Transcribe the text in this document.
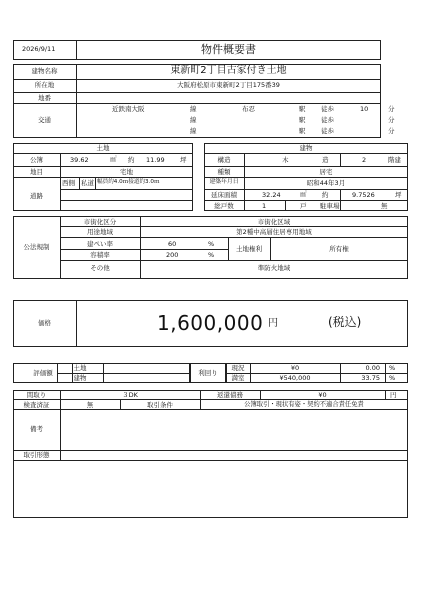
2026/9/11	物件概要書
建物名称	東新町2丁目古家付き土地
所在地	大阪府松原市東新町2丁目175番39
地番
交通
近鉄南大阪	線	布忍	駅 徒歩	10	分
線	駅 徒歩	分
線	駅 徒歩	分
土地
公簿	39.62	㎡ 約 11.99 坪
地目	宅地
道路
西側 私道 幅員約4.0ｍ接道約3.0ｍ
建物
構造	木	造	2	階建
種類	居宅
建築年月日	昭和44年3月
延床面積	32.24	㎡ 約	9.7526	坪
総戸数	1	戸 駐車場	無
公法規制
市街化区分	市街化区域
用途地域	第2種中高層住居専用地域
建ぺい率	60	%
容積率	200	%
土地権利	所有権
その他	準防火地域
価格	1,600,000 円	(税込)
評価額
土地
建物
利回り
現況	¥0	0.00 %
満室	¥540,000	33.75 %
間取り	３DK	返還債務	¥0	円
検査済証	無	取引条件	公簿取引・現状有姿・契約不適合責任免責
備考
取引形態
